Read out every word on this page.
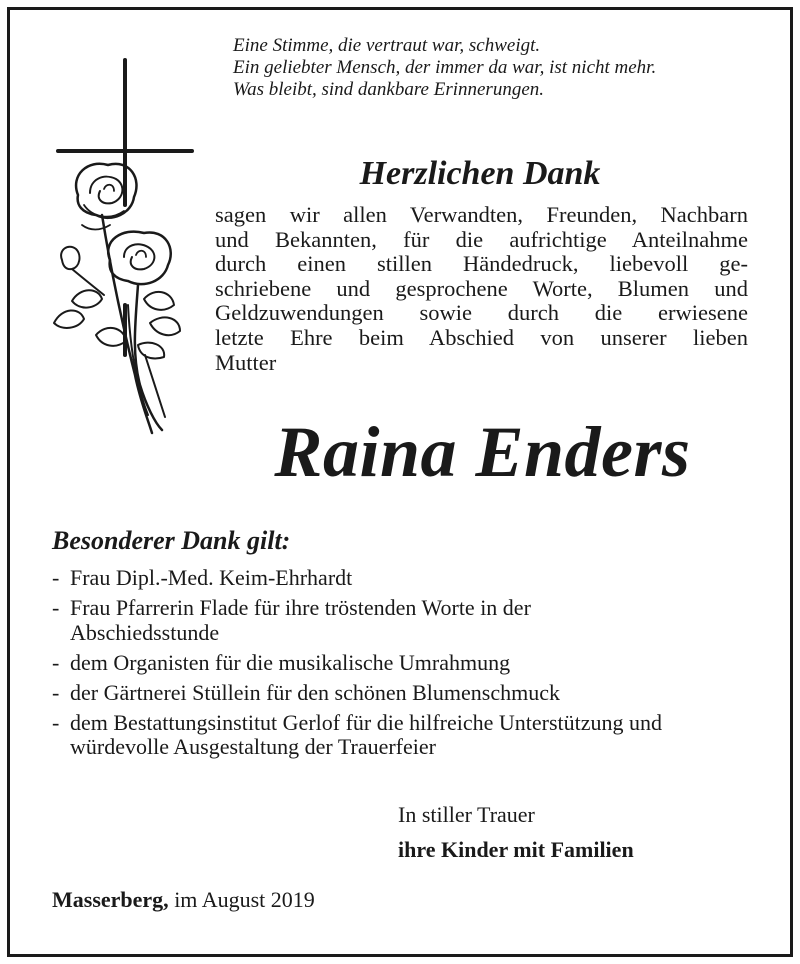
Eine Stimme, die vertraut war, schweigt.
Ein geliebter Mensch, der immer da war, ist nicht mehr.
Was bleibt, sind dankbare Erinnerungen.
Herzlichen Dank
sagen wir allen Verwandten, Freunden, Nachbarn
und Bekannten, für die aufrichtige Anteilnahme
durch einen stillen Händedruck, liebevoll ge-
schriebene und gesprochene Worte, Blumen und
Geldzuwendungen sowie durch die erwiesene
letzte Ehre beim Abschied von unserer lieben
Mutter
Raina Enders
Besonderer Dank gilt:
- Frau Dipl.-Med. Keim-Ehrhardt
- Frau Pfarrerin Flade für ihre tröstenden Worte in der Abschiedsstunde
- dem Organisten für die musikalische Umrahmung
- der Gärtnerei Stüllein für den schönen Blumenschmuck
- dem Bestattungsinstitut Gerlof für die hilfreiche Unterstützung und würdevolle Ausgestaltung der Trauerfeier
In stiller Trauer
ihre Kinder mit Familien
Masserberg, im August 2019
